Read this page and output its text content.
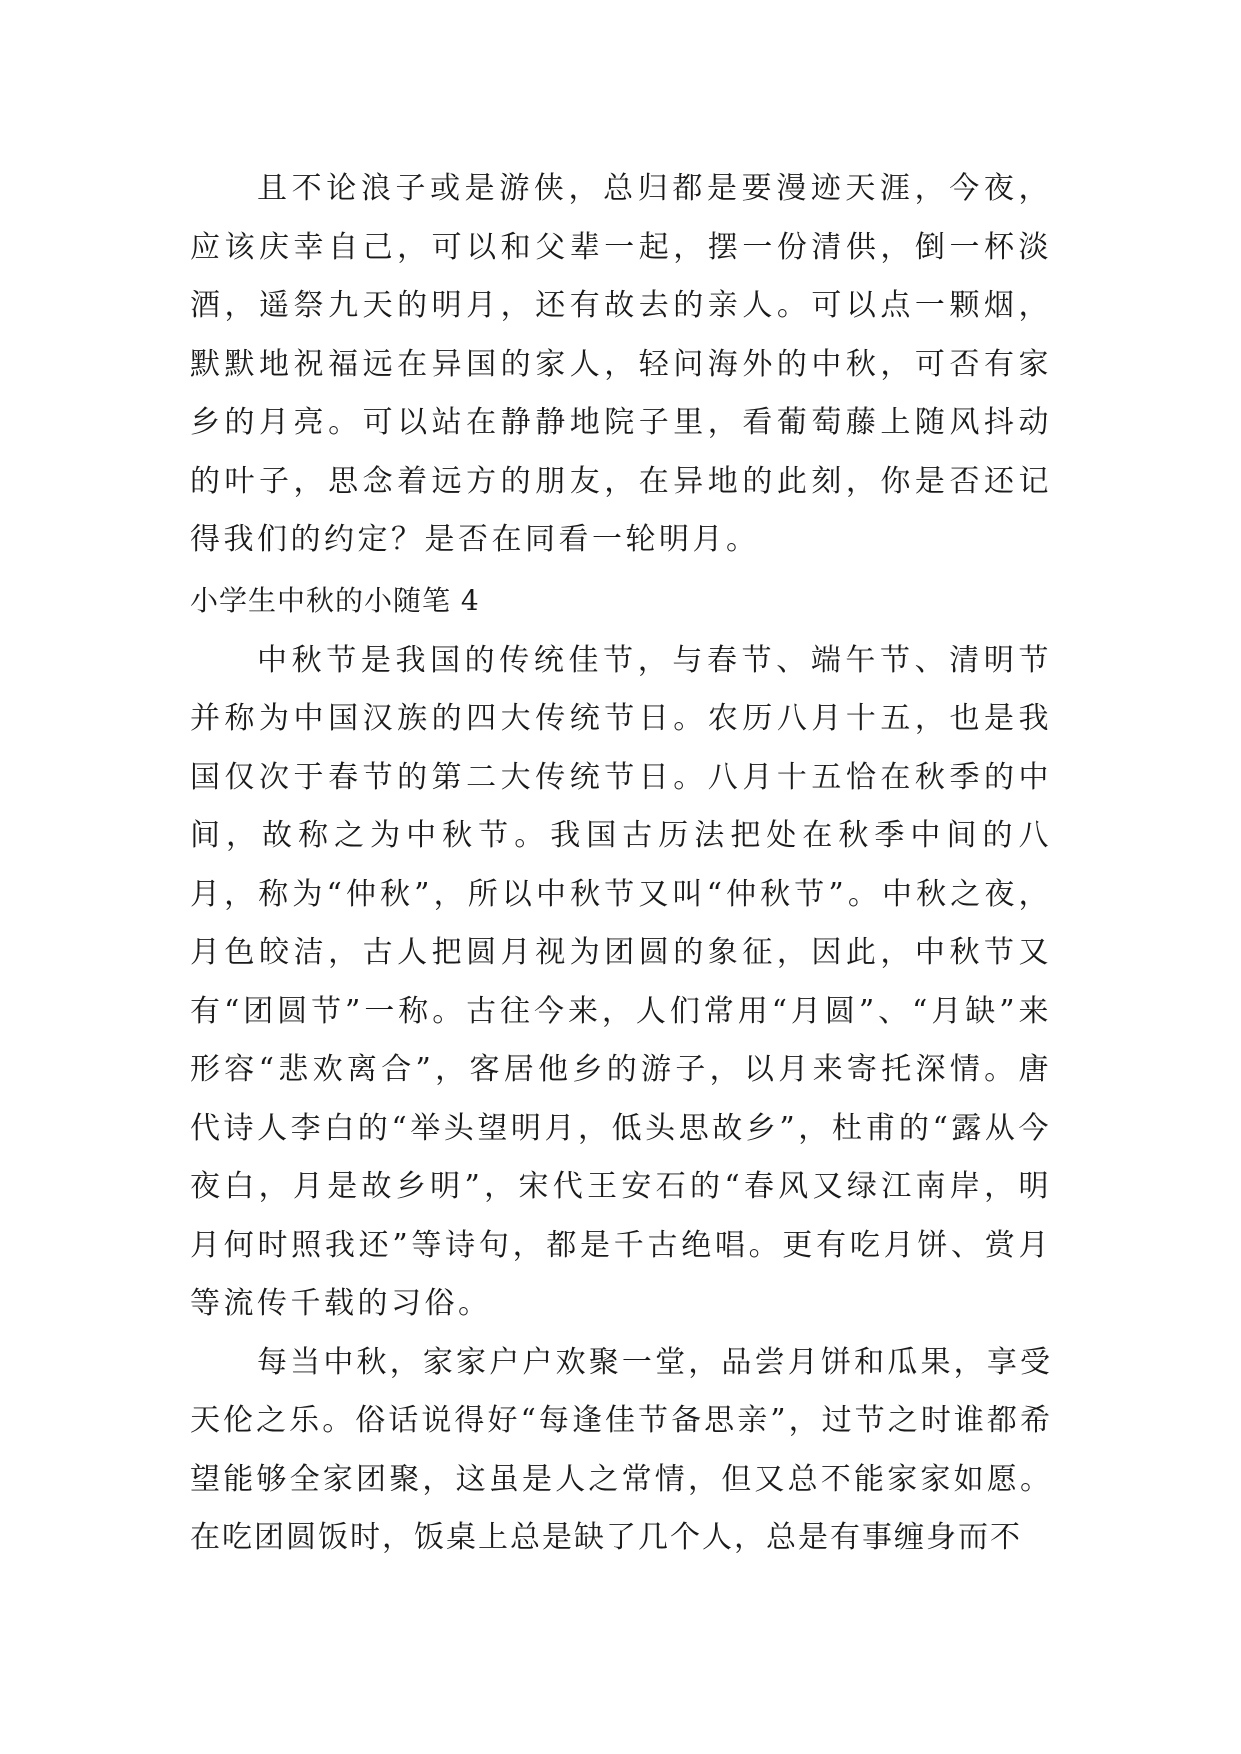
且不论浪子或是游侠，总归都是要漫迹天涯，今夜，应该庆幸自己，可以和父辈一起，摆一份清供，倒一杯淡酒，遥祭九天的明月，还有故去的亲人。可以点一颗烟，默默地祝福远在异国的家人，轻问海外的中秋，可否有家乡的月亮。可以站在静静地院子里，看葡萄藤上随风抖动的叶子，思念着远方的朋友，在异地的此刻，你是否还记得我们的约定？是否在同看一轮明月。

小学生中秋的小随笔 4

中秋节是我国的传统佳节，与春节、端午节、清明节并称为中国汉族的四大传统节日。农历八月十五，也是我国仅次于春节的第二大传统节日。八月十五恰在秋季的中间，故称之为中秋节。我国古历法把处在秋季中间的八月，称为“仲秋”，所以中秋节又叫“仲秋节”。中秋之夜，月色皎洁，古人把圆月视为团圆的象征，因此，中秋节又有“团圆节”一称。古往今来，人们常用“月圆”、“月缺”来形容“悲欢离合”，客居他乡的游子，以月来寄托深情。唐代诗人李白的“举头望明月，低头思故乡”，杜甫的“露从今夜白，月是故乡明”，宋代王安石的“春风又绿江南岸，明月何时照我还”等诗句，都是千古绝唱。更有吃月饼、赏月等流传千载的习俗。

每当中秋，家家户户欢聚一堂，品尝月饼和瓜果，享受天伦之乐。俗话说得好“每逢佳节备思亲”，过节之时谁都希望能够全家团聚，这虽是人之常情，但又总不能家家如愿。在吃团圆饭时，饭桌上总是缺了几个人，总是有事缠身而不
